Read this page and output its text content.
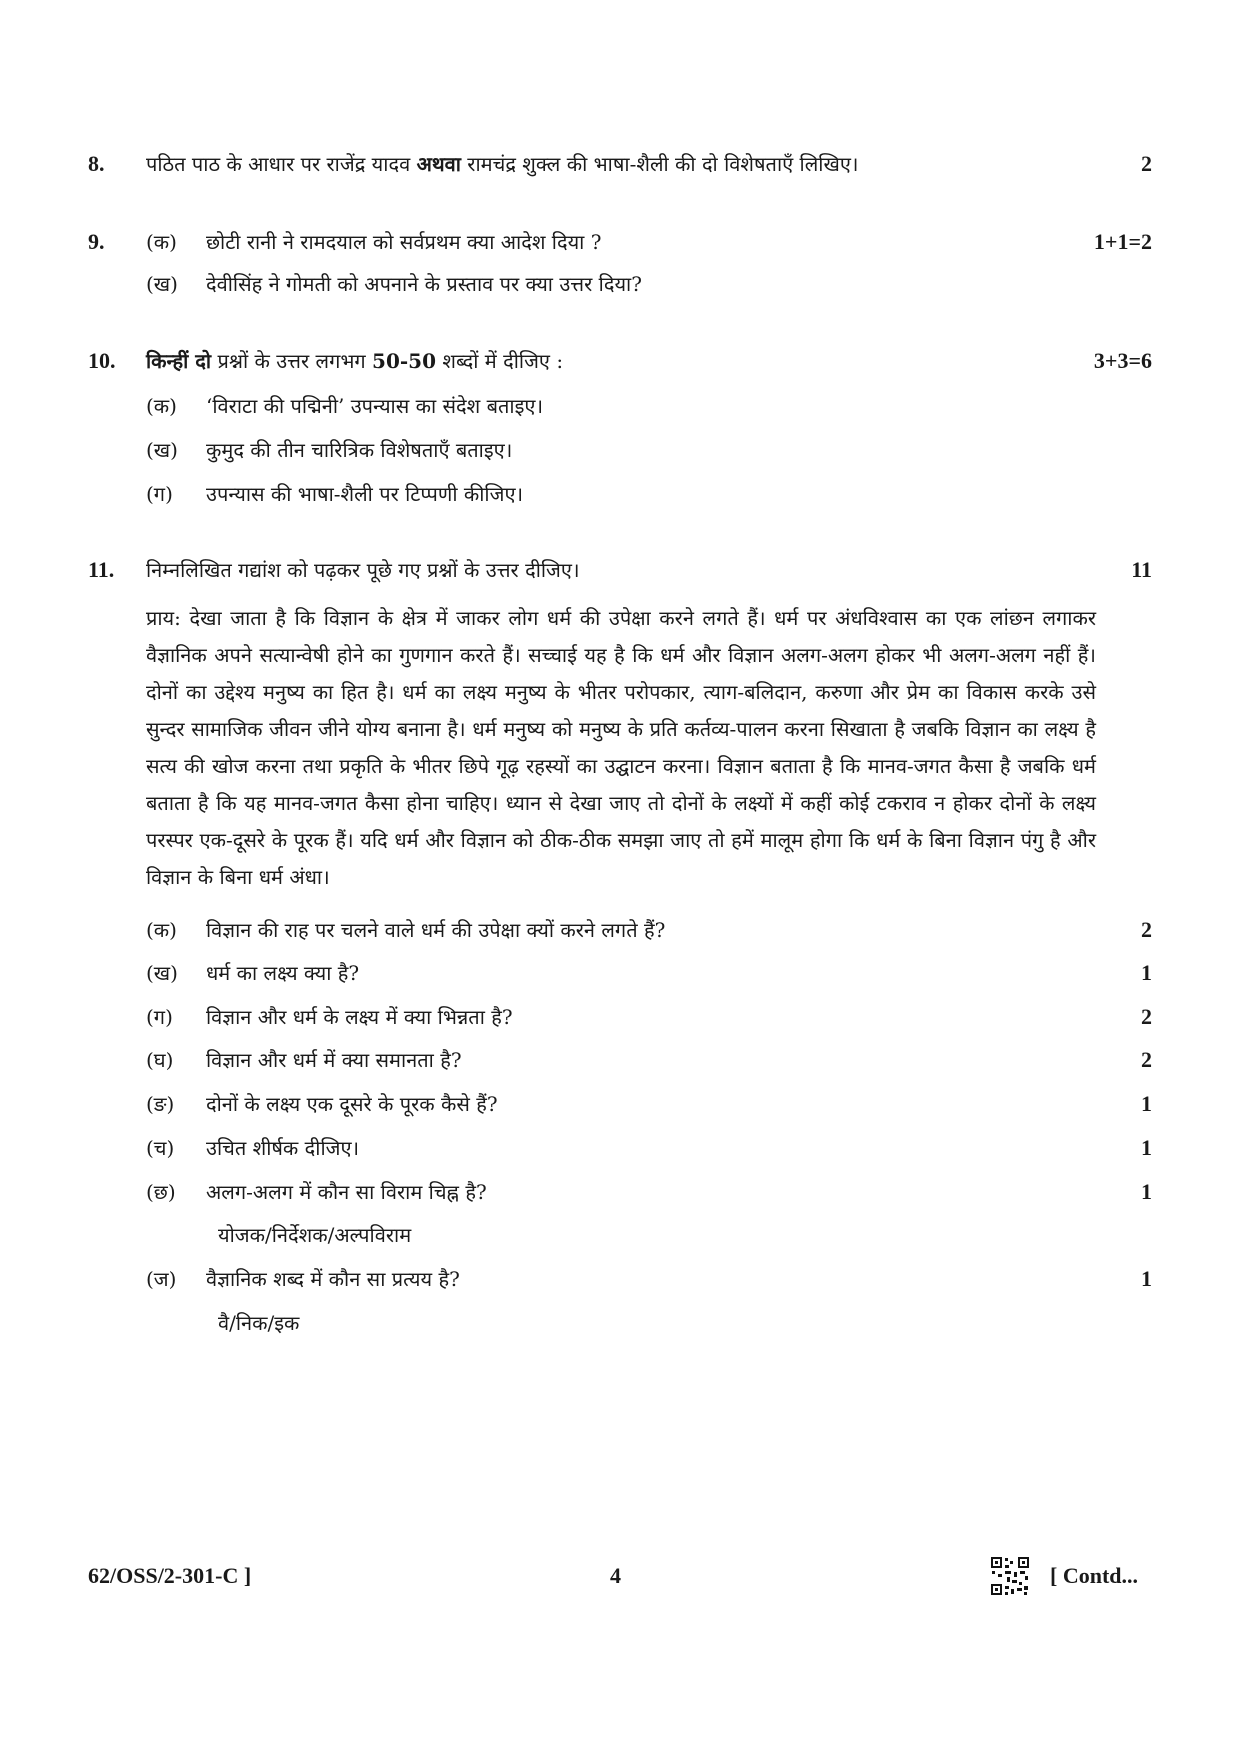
8. पठित पाठ के आधार पर राजेंद्र यादव अथवा रामचंद्र शुक्ल की भाषा-शैली की दो विशेषताएँ लिखिए।	2
9.	1+1=2
(क) छोटी रानी ने रामदयाल को सर्वप्रथम क्या आदेश दिया ?
(ख) देवीसिंह ने गोमती को अपनाने के प्रस्ताव पर क्या उत्तर दिया?
10. किन्हीं दो प्रश्नों के उत्तर लगभग 50-50 शब्दों में दीजिए :	3+3=6
(क) ‘विराटा की पद्मिनी’ उपन्यास का संदेश बताइए।
(ख) कुमुद की तीन चारित्रिक विशेषताएँ बताइए।
(ग) उपन्यास की भाषा-शैली पर टिप्पणी कीजिए।
11. निम्नलिखित गद्यांश को पढ़कर पूछे गए प्रश्नों के उत्तर दीजिए।	11
प्राय: देखा जाता है कि विज्ञान के क्षेत्र में जाकर लोग धर्म की उपेक्षा करने लगते हैं। धर्म पर अंधविश्वास का एक लांछन लगाकर वैज्ञानिक अपने सत्यान्वेषी होने का गुणगान करते हैं। सच्चाई यह है कि धर्म और विज्ञान अलग-अलग होकर भी अलग-अलग नहीं हैं। दोनों का उद्देश्य मनुष्य का हित है। धर्म का लक्ष्य मनुष्य के भीतर परोपकार, त्याग-बलिदान, करुणा और प्रेम का विकास करके उसे सुन्दर सामाजिक जीवन जीने योग्य बनाना है। धर्म मनुष्य को मनुष्य के प्रति कर्तव्य-पालन करना सिखाता है जबकि विज्ञान का लक्ष्य है सत्य की खोज करना तथा प्रकृति के भीतर छिपे गूढ़ रहस्यों का उद्घाटन करना। विज्ञान बताता है कि मानव-जगत कैसा है जबकि धर्म बताता है कि यह मानव-जगत कैसा होना चाहिए। ध्यान से देखा जाए तो दोनों के लक्ष्यों में कहीं कोई टकराव न होकर दोनों के लक्ष्य परस्पर एक-दूसरे के पूरक हैं। यदि धर्म और विज्ञान को ठीक-ठीक समझा जाए तो हमें मालूम होगा कि धर्म के बिना विज्ञान पंगु है और विज्ञान के बिना धर्म अंधा।
(क) विज्ञान की राह पर चलने वाले धर्म की उपेक्षा क्यों करने लगते हैं?	2
(ख) धर्म का लक्ष्य क्या है?	1
(ग) विज्ञान और धर्म के लक्ष्य में क्या भिन्नता है?	2
(घ) विज्ञान और धर्म में क्या समानता है?	2
(ङ) दोनों के लक्ष्य एक दूसरे के पूरक कैसे हैं?	1
(च) उचित शीर्षक दीजिए।	1
(छ) अलग-अलग में कौन सा विराम चिह्न है?	1
योजक/निर्देशक/अल्पविराम
(ज) वैज्ञानिक शब्द में कौन सा प्रत्यय है?	1
वै/निक/इक
62/OSS/2-301-C ]	4	[ Contd...
